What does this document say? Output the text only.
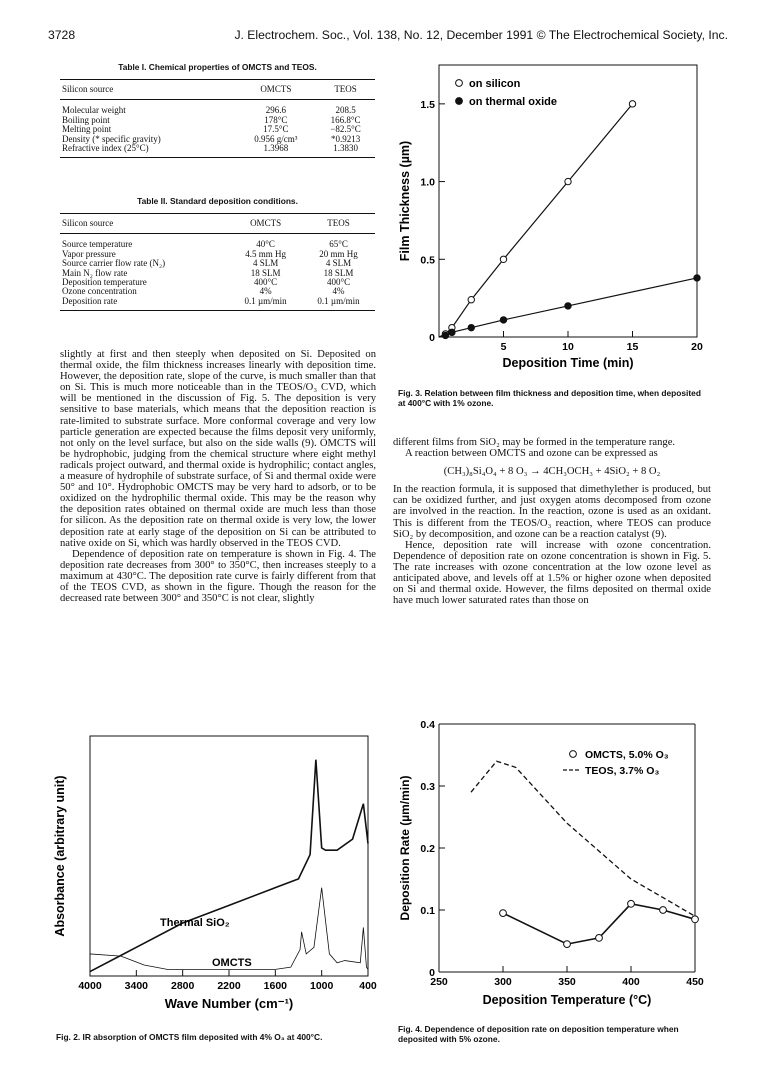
3728	J. Electrochem. Soc., Vol. 138, No. 12, December 1991 © The Electrochemical Society, Inc.
Table I. Chemical properties of OMCTS and TEOS.
Silicon source	OMCTS	TEOS
Molecular weight	296.6	208.5
Boiling point	178°C	166.8°C
Melting point	17.5°C	−82.5°C
Density (* specific gravity)	0.956 g/cm³	*0.9213
Refractive index (25°C)	1.3968	1.3830
Table II. Standard deposition conditions.
Silicon source	OMCTS	TEOS
Source temperature	40°C	65°C
Vapor pressure	4.5 mm Hg	20 mm Hg
Source carrier flow rate (N₂)	4 SLM	4 SLM
Main N₂ flow rate	18 SLM	18 SLM
Deposition temperature	400°C	400°C
Ozone concentration	4%	4%
Deposition rate	0.1 µm/min	0.1 µm/min

slightly at first and then steeply when deposited on Si. Deposited on thermal oxide, the film thickness increases linearly with deposition time. However, the deposition rate, slope of the curve, is much smaller than that on Si. This is much more noticeable than in the TEOS/O₃ CVD, which will be mentioned in the discussion of Fig. 5. The deposition is very sensitive to base materials, which means that the deposition reaction is rate-limited to substrate surface. More conformal coverage and very low particle generation are expected because the films deposit very uniformly, not only on the level surface, but also on the side walls (9). OMCTS will be hydrophobic, judging from the chemical structure where eight methyl radicals project outward, and thermal oxide is hydrophilic; contact angles, a measure of hydrophile of substrate surface, of Si and thermal oxide were 50° and 10°. Hydrophobic OMCTS may be very hard to adsorb, or to be oxidized on the hydrophilic thermal oxide. This may be the reason why the deposition rates obtained on thermal oxide are much less than those for silicon. As the deposition rate on thermal oxide is very low, the lower deposition rate at early stage of the deposition on Si can be attributed to native oxide on Si, which was hardly observed in the TEOS CVD.

Dependence of deposition rate on temperature is shown in Fig. 4. The deposition rate decreases from 300° to 350°C, then increases steeply to a maximum at 430°C. The deposition rate curve is fairly different from that of the TEOS CVD, as shown in the figure. Though the reason for the decreased rate between 300° and 350°C is not clear, slightly

5	10	15	20
0
0.5
1.0
1.5
Deposition Time (min)
Film Thickness (µm)
on silicon
on thermal oxide
Fig. 3. Relation between film thickness and deposition time, when deposited at 400°C with 1% ozone.

different films from SiO₂ may be formed in the temperature range.

A reaction between OMCTS and ozone can be expressed as

(CH₃)₈Si₄O₄ + 8 O₃ → 4CH₃OCH₃ + 4SiO₂ + 8 O₂

In the reaction formula, it is supposed that dimethylether is produced, but can be oxidized further, and just oxygen atoms decomposed from ozone are involved in the reaction. In the reaction, ozone is used as an oxidant. This is different from the TEOS/O₃ reaction, where TEOS can produce SiO₂ by decomposition, and ozone can be a reaction catalyst (9).

Hence, deposition rate will increase with ozone concentration. Dependence of deposition rate on ozone concentration is shown in Fig. 5. The rate increases with ozone concentration at the low ozone level as anticipated above, and levels off at 1.5% or higher ozone when deposited on Si and thermal oxide. However, the films deposited on thermal oxide have much lower saturated rates than those on

4000 3400 2800 2200 1600 1000 400
Wave Number (cm⁻¹)
Absorbance (arbitrary unit)	Thermal SiO₂
OMCTS
Fig. 2. IR absorption of OMCTS film deposited with 4% O₃ at 400°C.
250	300	350	400	450
0
0.1
0.2
0.3
0.4
Deposition Temperature (°C)
Deposition Rate (µm/min)
OMCTS, 5.0% O₃
TEOS, 3.7% O₃
Fig. 4. Dependence of deposition rate on deposition temperature when deposited with 5% ozone.
